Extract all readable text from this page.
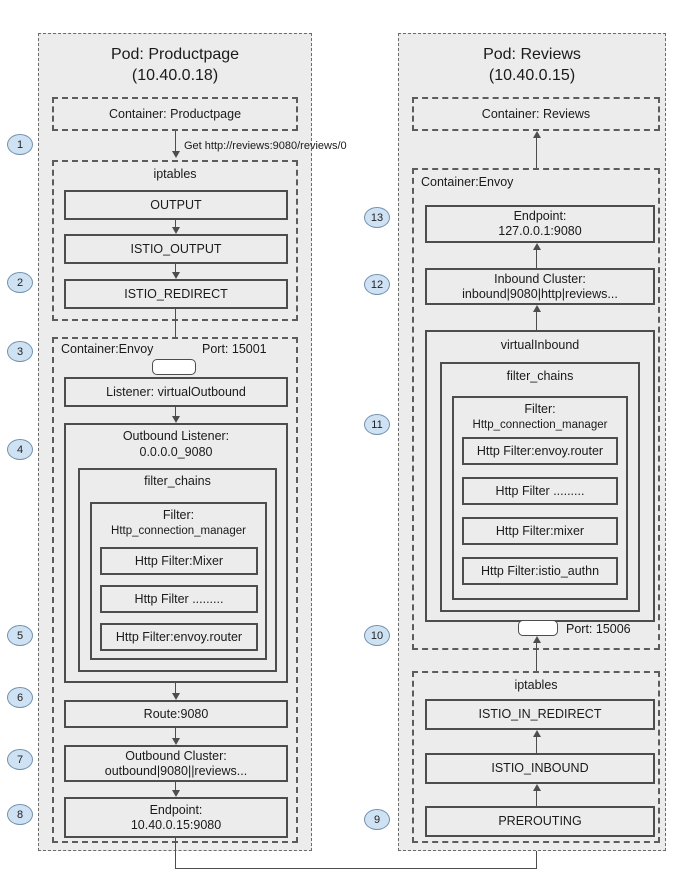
Pod: Productpage
(10.40.0.18)
Container: Productpage
Get http://reviews:9080/reviews/0
iptables
OUTPUT
ISTIO_OUTPUT
ISTIO_REDIRECT
Container:Envoy	Port: 15001
Listener: virtualOutbound
Outbound Listener:
0.0.0.0_9080
filter_chains
Filter:
Http_connection_manager
Http Filter:Mixer
Http Filter .........
Http Filter:envoy.router
Route:9080
Outbound Cluster:
outbound|9080||reviews...
Endpoint:
10.40.0.15:9080
Pod: Reviews
(10.40.0.15)
Container: Reviews
Container:Envoy
Endpoint:
127.0.0.1:9080
Inbound Cluster:
inbound|9080|http|reviews...
virtualInbound
filter_chains
Filter:
Http_connection_manager
Http Filter:envoy.router
Http Filter .........
Http Filter:mixer
Http Filter:istio_authn
Port: 15006
iptables
ISTIO_IN_REDIRECT
ISTIO_INBOUND
PREROUTING
1
2
3
4
5
6
7
8
13
12
11
10
9
